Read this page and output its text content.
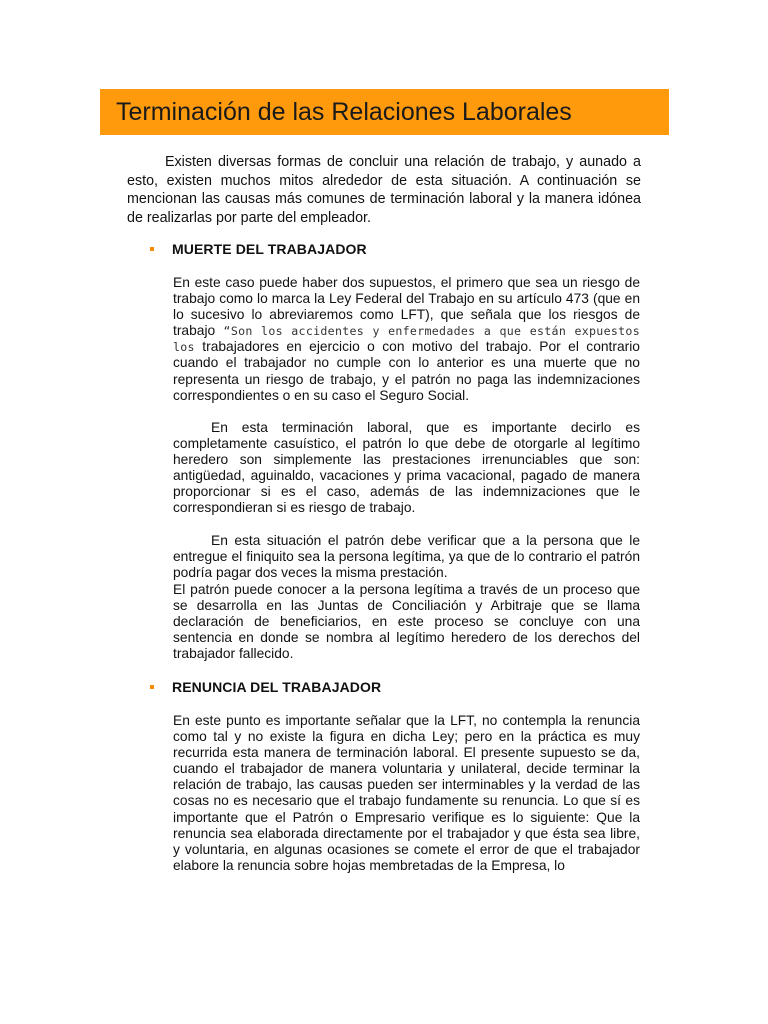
Terminación de las Relaciones Laborales

Existen diversas formas de concluir una relación de trabajo, y aunado a esto, existen muchos mitos alrededor de esta situación. A continuación se mencionan las causas más comunes de terminación laboral y la manera idónea de realizarlas por parte del empleador.

MUERTE DEL TRABAJADOR

En este caso puede haber dos supuestos, el primero que sea un riesgo de trabajo como lo marca la Ley Federal del Trabajo en su artículo 473 (que en lo sucesivo lo abreviaremos como LFT), que señala que los riesgos de trabajo “Son los accidentes y enfermedades a que están expuestos los trabajadores en ejercicio o con motivo del trabajo. Por el contrario cuando el trabajador no cumple con lo anterior es una muerte que no representa un riesgo de trabajo, y el patrón no paga las indemnizaciones correspondientes o en su caso el Seguro Social.

En esta terminación laboral, que es importante decirlo es completamente casuístico, el patrón lo que debe de otorgarle al legítimo heredero son simplemente las prestaciones irrenunciables que son: antigüedad, aguinaldo, vacaciones y prima vacacional, pagado de manera proporcionar si es el caso, además de las indemnizaciones que le correspondieran si es riesgo de trabajo.

En esta situación el patrón debe verificar que a la persona que le entregue el finiquito sea la persona legítima, ya que de lo contrario el patrón podría pagar dos veces la misma prestación.

El patrón puede conocer a la persona legítima a través de un proceso que se desarrolla en las Juntas de Conciliación y Arbitraje que se llama declaración de beneficiarios, en este proceso se concluye con una sentencia en donde se nombra al legítimo heredero de los derechos del trabajador fallecido.

RENUNCIA DEL TRABAJADOR

En este punto es importante señalar que la LFT, no contempla la renuncia como tal y no existe la figura en dicha Ley; pero en la práctica es muy recurrida esta manera de terminación laboral. El presente supuesto se da, cuando el trabajador de manera voluntaria y unilateral, decide terminar la relación de trabajo, las causas pueden ser interminables y la verdad de las cosas no es necesario que el trabajo fundamente su renuncia. Lo que sí es importante que el Patrón o Empresario verifique es lo siguiente: Que la renuncia sea elaborada directamente por el trabajador y que ésta sea libre, y voluntaria, en algunas ocasiones se comete el error de que el trabajador elabore la renuncia sobre hojas membretadas de la Empresa, lo
